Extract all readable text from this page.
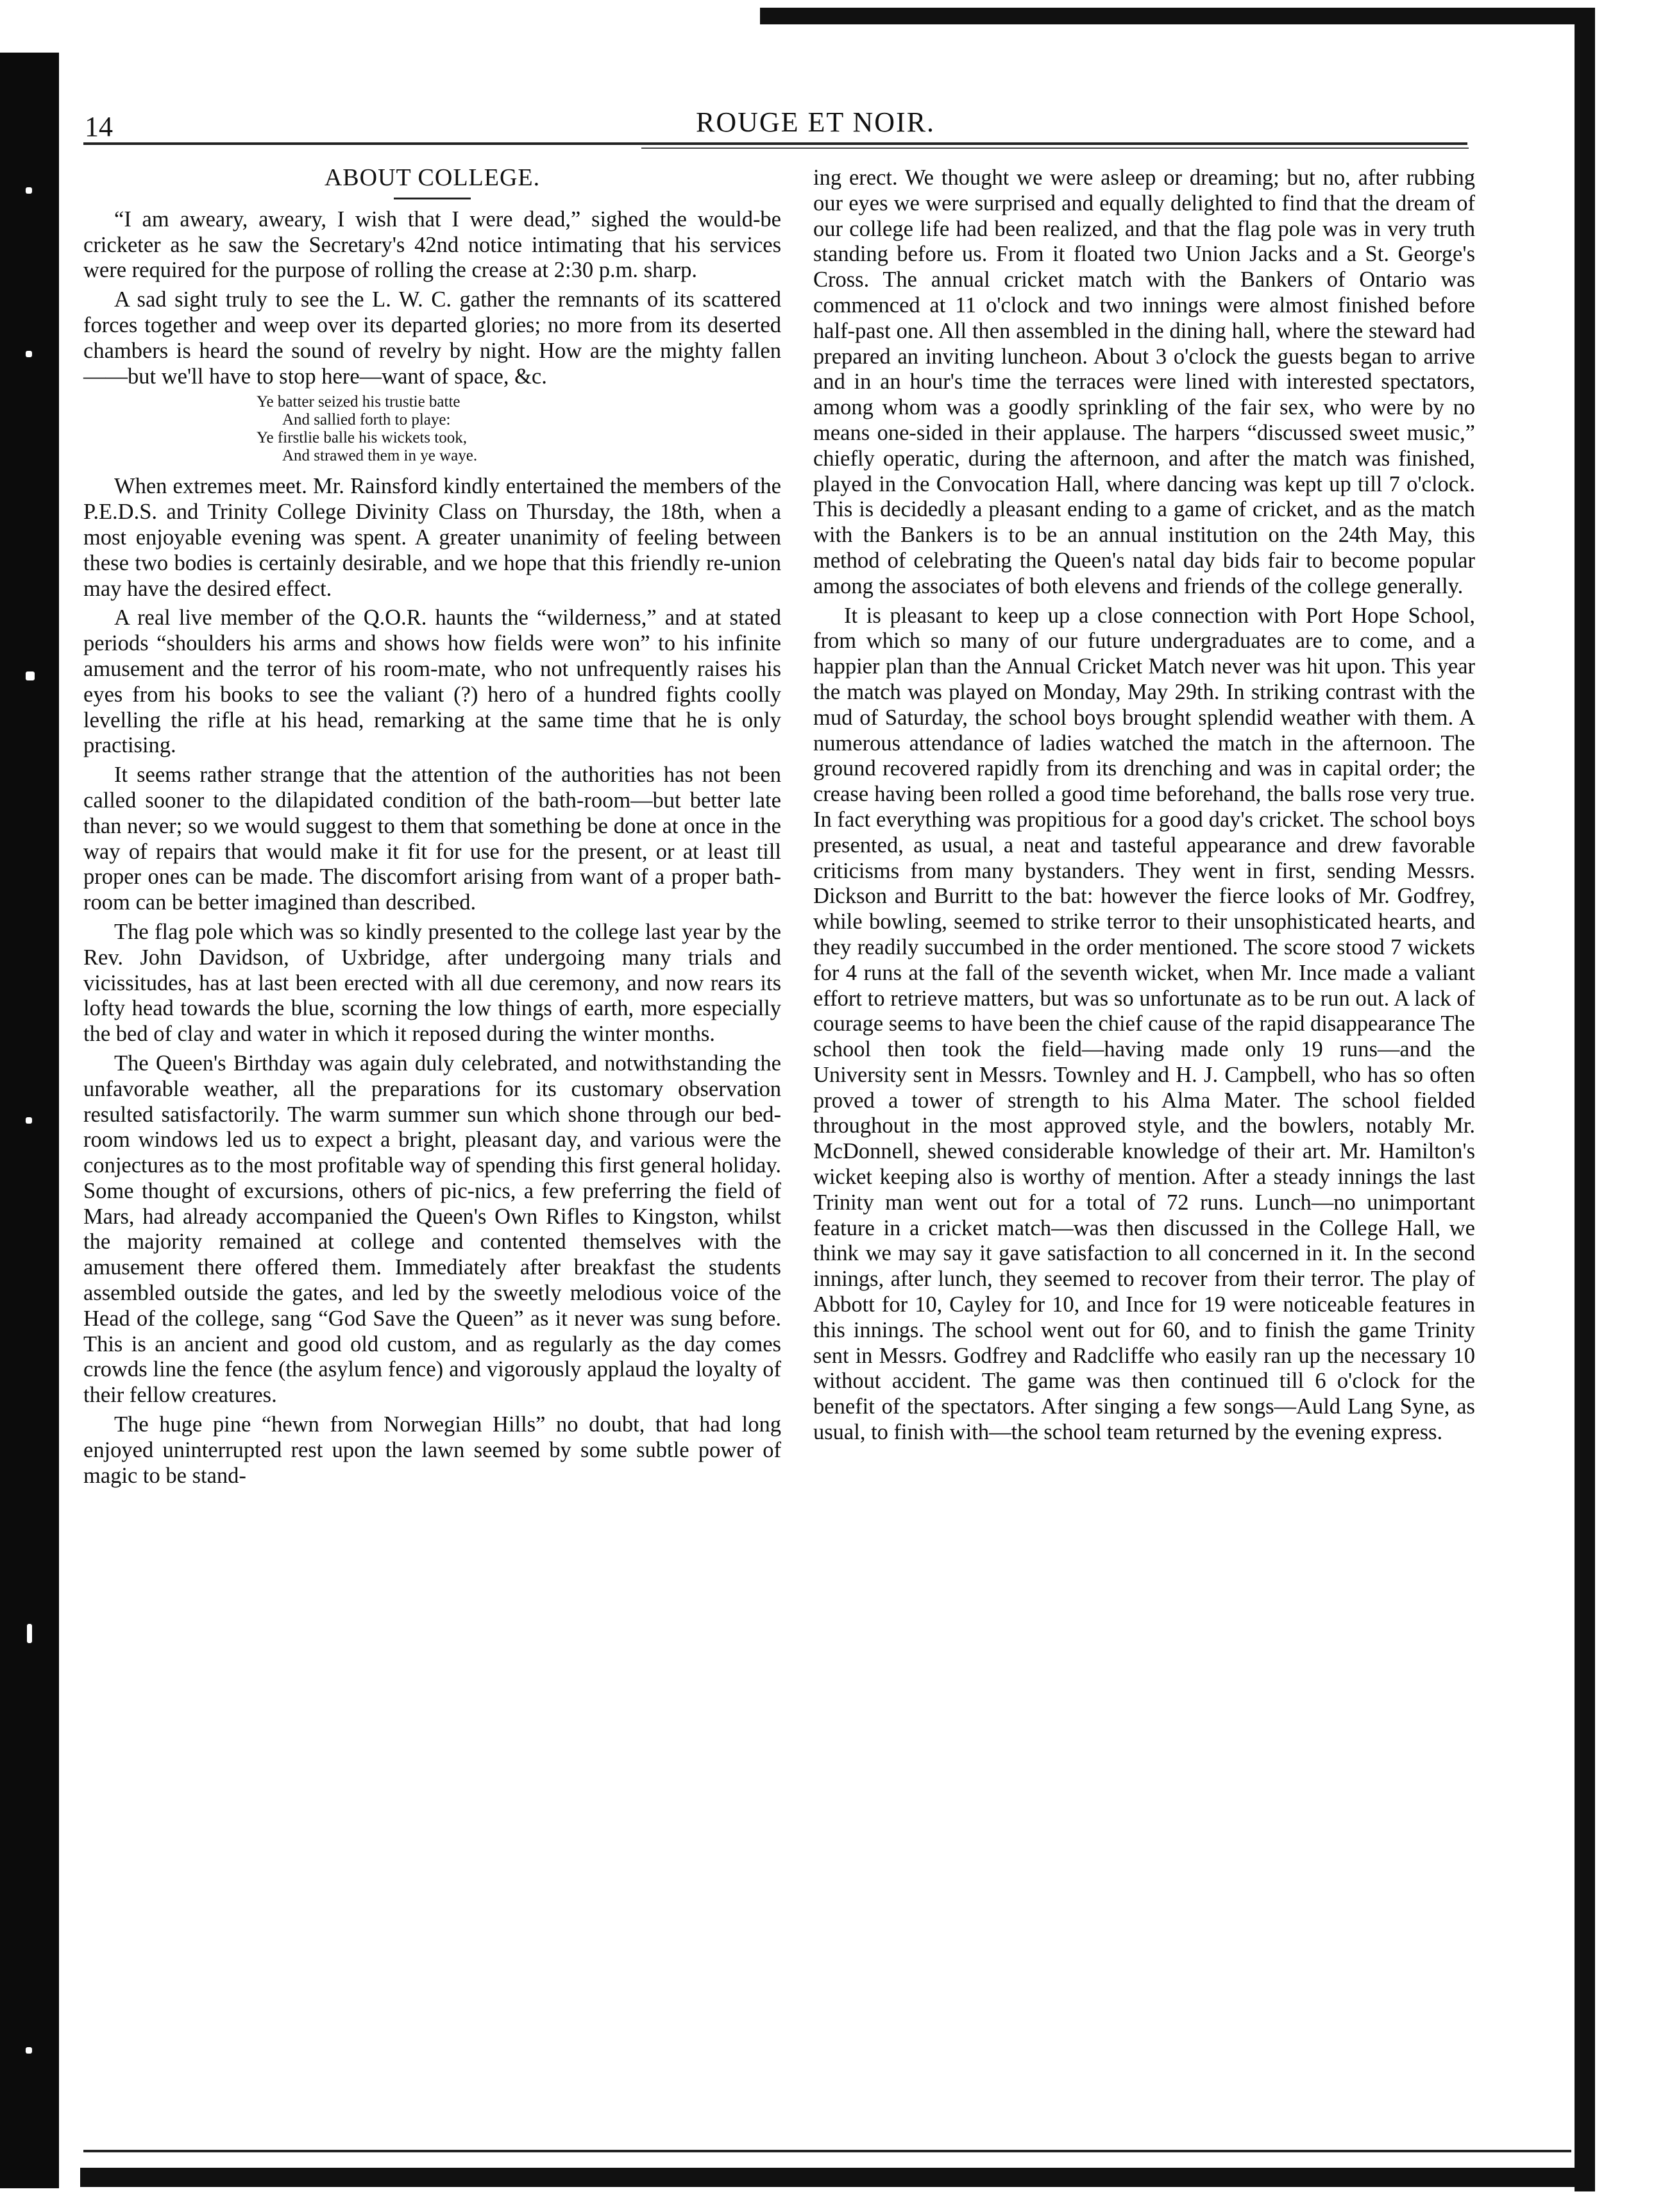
14	ROUGE ET NOIR.
ABOUT COLLEGE.

“I am aweary, aweary, I wish that I were dead,” sighed the would-be cricketer as he saw the Secretary's 42nd notice intimating that his services were required for the purpose of rolling the crease at 2:30 p.m. sharp.

A sad sight truly to see the L. W. C. gather the remnants of its scattered forces together and weep over its departed glories; no more from its deserted chambers is heard the sound of revelry by night. How are the mighty fallen——but we'll have to stop here—want of space, &c.

Ye batter seized his trustie batte
And sallied forth to playe:
Ye firstlie balle his wickets took,
And strawed them in ye waye.

When extremes meet. Mr. Rainsford kindly entertained the members of the P.E.D.S. and Trinity College Divinity Class on Thursday, the 18th, when a most enjoyable evening was spent. A greater unanimity of feeling between these two bodies is certainly desirable, and we hope that this friendly re-union may have the desired effect.

A real live member of the Q.O.R. haunts the “wilderness,” and at stated periods “shoulders his arms and shows how fields were won” to his infinite amusement and the terror of his room-mate, who not unfrequently raises his eyes from his books to see the valiant (?) hero of a hundred fights coolly levelling the rifle at his head, remarking at the same time that he is only practising.

It seems rather strange that the attention of the authorities has not been called sooner to the dilapidated condition of the bath-room—but better late than never; so we would suggest to them that something be done at once in the way of repairs that would make it fit for use for the present, or at least till proper ones can be made. The discomfort arising from want of a proper bath-room can be better imagined than described.

The flag pole which was so kindly presented to the college last year by the Rev. John Davidson, of Uxbridge, after undergoing many trials and vicissitudes, has at last been erected with all due ceremony, and now rears its lofty head towards the blue, scorning the low things of earth, more especially the bed of clay and water in which it reposed during the winter months.

The Queen's Birthday was again duly celebrated, and notwithstanding the unfavorable weather, all the preparations for its customary observation resulted satisfactorily. The warm summer sun which shone through our bed-room windows led us to expect a bright, pleasant day, and various were the conjectures as to the most profitable way of spending this first general holiday. Some thought of excursions, others of pic-nics, a few preferring the field of Mars, had already accompanied the Queen's Own Rifles to Kingston, whilst the majority remained at college and contented themselves with the amusement there offered them. Immediately after breakfast the students assembled outside the gates, and led by the sweetly melodious voice of the Head of the college, sang “God Save the Queen” as it never was sung before. This is an ancient and good old custom, and as regularly as the day comes crowds line the fence (the asylum fence) and vigorously applaud the loyalty of their fellow creatures.

The huge pine “hewn from Norwegian Hills” no doubt, that had long enjoyed uninterrupted rest upon the lawn seemed by some subtle power of magic to be stand-

ing erect. We thought we were asleep or dreaming; but no, after rubbing our eyes we were surprised and equally delighted to find that the dream of our college life had been realized, and that the flag pole was in very truth standing before us. From it floated two Union Jacks and a St. George's Cross. The annual cricket match with the Bankers of Ontario was commenced at 11 o'clock and two innings were almost finished before half-past one. All then assembled in the dining hall, where the steward had prepared an inviting luncheon. About 3 o'clock the guests began to arrive and in an hour's time the terraces were lined with interested spectators, among whom was a goodly sprinkling of the fair sex, who were by no means one-sided in their applause. The harpers “discussed sweet music,” chiefly operatic, during the afternoon, and after the match was finished, played in the Convocation Hall, where dancing was kept up till 7 o'clock. This is decidedly a pleasant ending to a game of cricket, and as the match with the Bankers is to be an annual institution on the 24th May, this method of celebrating the Queen's natal day bids fair to become popular among the associates of both elevens and friends of the college generally.

It is pleasant to keep up a close connection with Port Hope School, from which so many of our future undergraduates are to come, and a happier plan than the Annual Cricket Match never was hit upon. This year the match was played on Monday, May 29th. In striking contrast with the mud of Saturday, the school boys brought splendid weather with them. A numerous attendance of ladies watched the match in the afternoon. The ground recovered rapidly from its drenching and was in capital order; the crease having been rolled a good time beforehand, the balls rose very true. In fact everything was propitious for a good day's cricket. The school boys presented, as usual, a neat and tasteful appearance and drew favorable criticisms from many bystanders. They went in first, sending Messrs. Dickson and Burritt to the bat: however the fierce looks of Mr. Godfrey, while bowling, seemed to strike terror to their unsophisticated hearts, and they readily succumbed in the order mentioned. The score stood 7 wickets for 4 runs at the fall of the seventh wicket, when Mr. Ince made a valiant effort to retrieve matters, but was so unfortunate as to be run out. A lack of courage seems to have been the chief cause of the rapid disappearance The school then took the field—having made only 19 runs—and the University sent in Messrs. Townley and H. J. Campbell, who has so often proved a tower of strength to his Alma Mater. The school fielded throughout in the most approved style, and the bowlers, notably Mr. McDonnell, shewed considerable knowledge of their art. Mr. Hamilton's wicket keeping also is worthy of mention. After a steady innings the last Trinity man went out for a total of 72 runs. Lunch—no unimportant feature in a cricket match—was then discussed in the College Hall, we think we may say it gave satisfaction to all concerned in it. In the second innings, after lunch, they seemed to recover from their terror. The play of Abbott for 10, Cayley for 10, and Ince for 19 were noticeable features in this innings. The school went out for 60, and to finish the game Trinity sent in Messrs. Godfrey and Radcliffe who easily ran up the necessary 10 without accident. The game was then continued till 6 o'clock for the benefit of the spectators. After singing a few songs—Auld Lang Syne, as usual, to finish with—the school team returned by the evening express.
